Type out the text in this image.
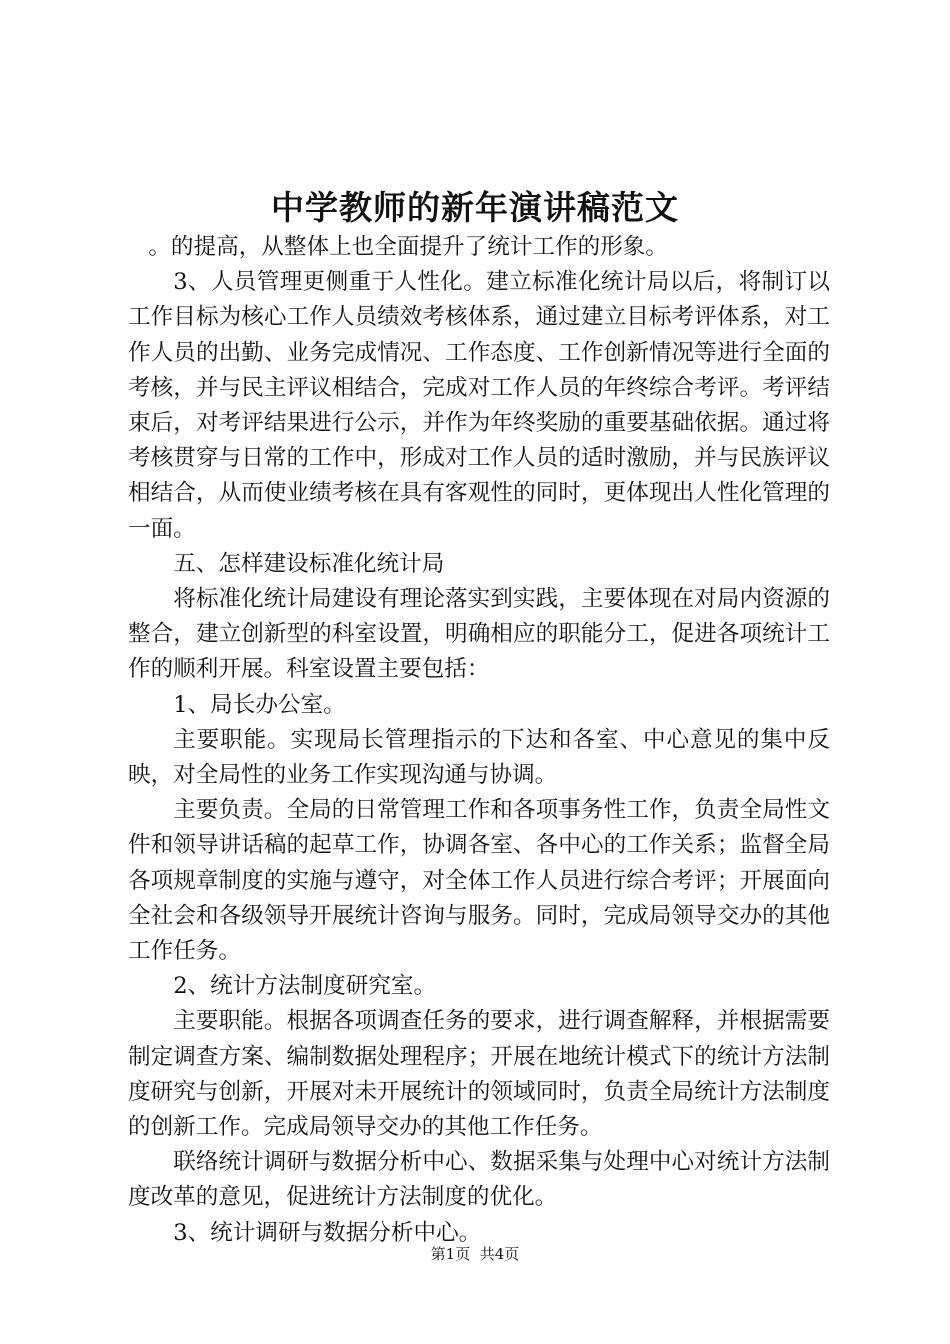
中学教师的新年演讲稿范文

。的提高，从整体上也全面提升了统计工作的形象。

3、人员管理更侧重于人性化。建立标准化统计局以后，将制订以工作目标为核心工作人员绩效考核体系，通过建立目标考评体系，对工作人员的出勤、业务完成情况、工作态度、工作创新情况等进行全面的考核，并与民主评议相结合，完成对工作人员的年终综合考评。考评结束后，对考评结果进行公示，并作为年终奖励的重要基础依据。通过将考核贯穿与日常的工作中，形成对工作人员的适时激励，并与民族评议相结合，从而使业绩考核在具有客观性的同时，更体现出人性化管理的一面。

五、怎样建设标准化统计局

将标准化统计局建设有理论落实到实践，主要体现在对局内资源的整合，建立创新型的科室设置，明确相应的职能分工，促进各项统计工作的顺利开展。科室设置主要包括：

1、局长办公室。

主要职能。实现局长管理指示的下达和各室、中心意见的集中反映，对全局性的业务工作实现沟通与协调。

主要负责。全局的日常管理工作和各项事务性工作，负责全局性文件和领导讲话稿的起草工作，协调各室、各中心的工作关系；监督全局各项规章制度的实施与遵守，对全体工作人员进行综合考评；开展面向全社会和各级领导开展统计咨询与服务。同时，完成局领导交办的其他工作任务。

2、统计方法制度研究室。

主要职能。根据各项调查任务的要求，进行调查解释，并根据需要制定调查方案、编制数据处理程序；开展在地统计模式下的统计方法制度研究与创新，开展对未开展统计的领域同时，负责全局统计方法制度的创新工作。完成局领导交办的其他工作任务。

联络统计调研与数据分析中心、数据采集与处理中心对统计方法制度改革的意见，促进统计方法制度的优化。

3、统计调研与数据分析中心。

第1页 共4页
